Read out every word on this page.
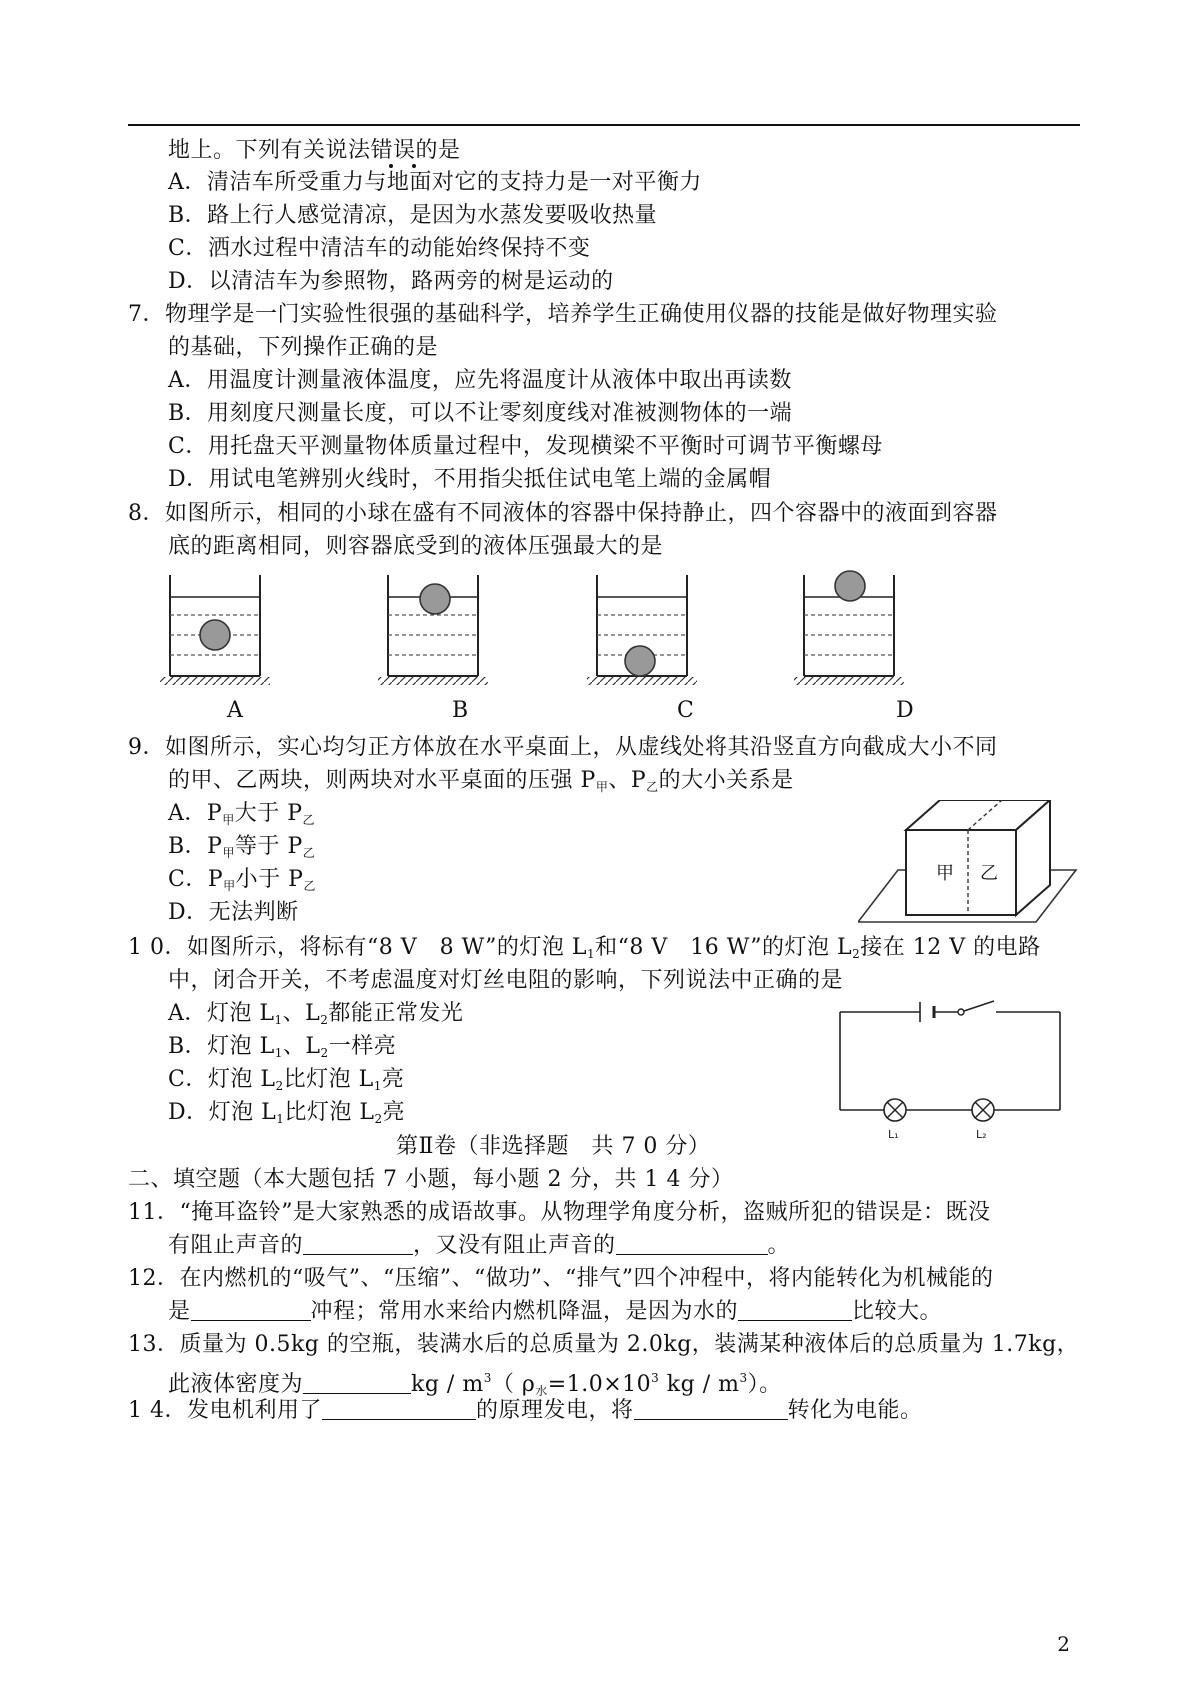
地上。下列有关说法错误的是
A．清洁车所受重力与地面对它的支持力是一对平衡力
B．路上行人感觉清凉，是因为水蒸发要吸收热量
C．洒水过程中清洁车的动能始终保持不变
D．以清洁车为参照物，路两旁的树是运动的
7．物理学是一门实验性很强的基础科学，培养学生正确使用仪器的技能是做好物理实验
的基础，下列操作正确的是
A．用温度计测量液体温度，应先将温度计从液体中取出再读数
B．用刻度尺测量长度，可以不让零刻度线对准被测物体的一端
C．用托盘天平测量物体质量过程中，发现横梁不平衡时可调节平衡螺母
D．用试电笔辨别火线时，不用指尖抵住试电笔上端的金属帽
8．如图所示，相同的小球在盛有不同液体的容器中保持静止，四个容器中的液面到容器
底的距离相同，则容器底受到的液体压强最大的是
A	B	C	D
9．如图所示，实心均匀正方体放在水平桌面上，从虚线处将其沿竖直方向截成大小不同
的甲、乙两块，则两块对水平桌面的压强 $P_甲$、$P_乙$的大小关系是
A．$P_甲$大于 $P_乙$
B．$P_甲$等于 $P_乙$
C．$P_甲$小于 $P_乙$
D．无法判断
甲 乙
1 0．如图所示，将标有“8 V　8 W”的灯泡 $L_1$和“8 V　16 W”的灯泡 $L_2$接在 12 V 的电路
中，闭合开关，不考虑温度对灯丝电阻的影响，下列说法中正确的是
A．灯泡 $L_1$、$L_2$都能正常发光
B．灯泡 $L_1$、$L_2$一样亮
C．灯泡 $L_2$比灯泡 $L_1$亮
D．灯泡 $L_1$比灯泡 $L_2$亮
L₁	L₂
第Ⅱ卷（非选择题　共 7 0 分）
二、填空题（本大题包括 7 小题，每小题 2 分，共 1 4 分）
11．“掩耳盗铃”是大家熟悉的成语故事。从物理学角度分析，盗贼所犯的错误是：既没
有阻止声音的	，又没有阻止声音的	。
12．在内燃机的“吸气”、“压缩”、“做功”、“排气”四个冲程中，将内能转化为机械能的
是	冲程；常用水来给内燃机降温，是因为水的	比较大。
13．质量为 0.5kg 的空瓶，装满水后的总质量为 2.0kg，装满某种液体后的总质量为 1.7kg，
此液体密度为	kg / $m^3$（ $\rho_水=1.0\times 10^3$ kg / $m^3$）。
1 4．发电机利用了	的原理发电，将	转化为电能。
2
